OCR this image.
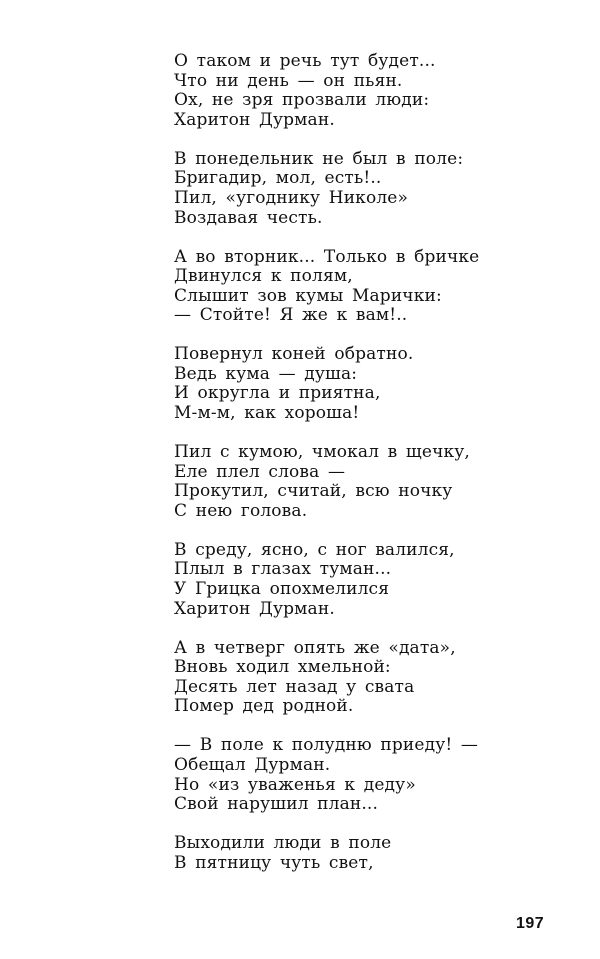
О таком и речь тут будет...
Что ни день — он пьян.
Ох, не зря прозвали люди:
Харитон Дурман.
В понедельник не был в поле:
Бригадир, мол, есть!..
Пил, «угоднику Николе»
Воздавая честь.
А во вторник... Только в бричке
Двинулся к полям,
Слышит зов кумы Марички:
— Стойте! Я же к вам!..
Повернул коней обратно.
Ведь кума — душа:
И округла и приятна,
М-м-м, как хороша!
Пил с кумою, чмокал в щечку,
Еле плел слова —
Прокутил, считай, всю ночку
С нею голова.
В среду, ясно, с ног валился,
Плыл в глазах туман...
У Грицка опохмелился
Харитон Дурман.
А в четверг опять же «дата»,
Вновь ходил хмельной:
Десять лет назад у свата
Помер дед родной.
— В поле к полудню приеду! —
Обещал Дурман.
Но «из уваженья к деду»
Свой нарушил план...
Выходили люди в поле
В пятницу чуть свет,
197
